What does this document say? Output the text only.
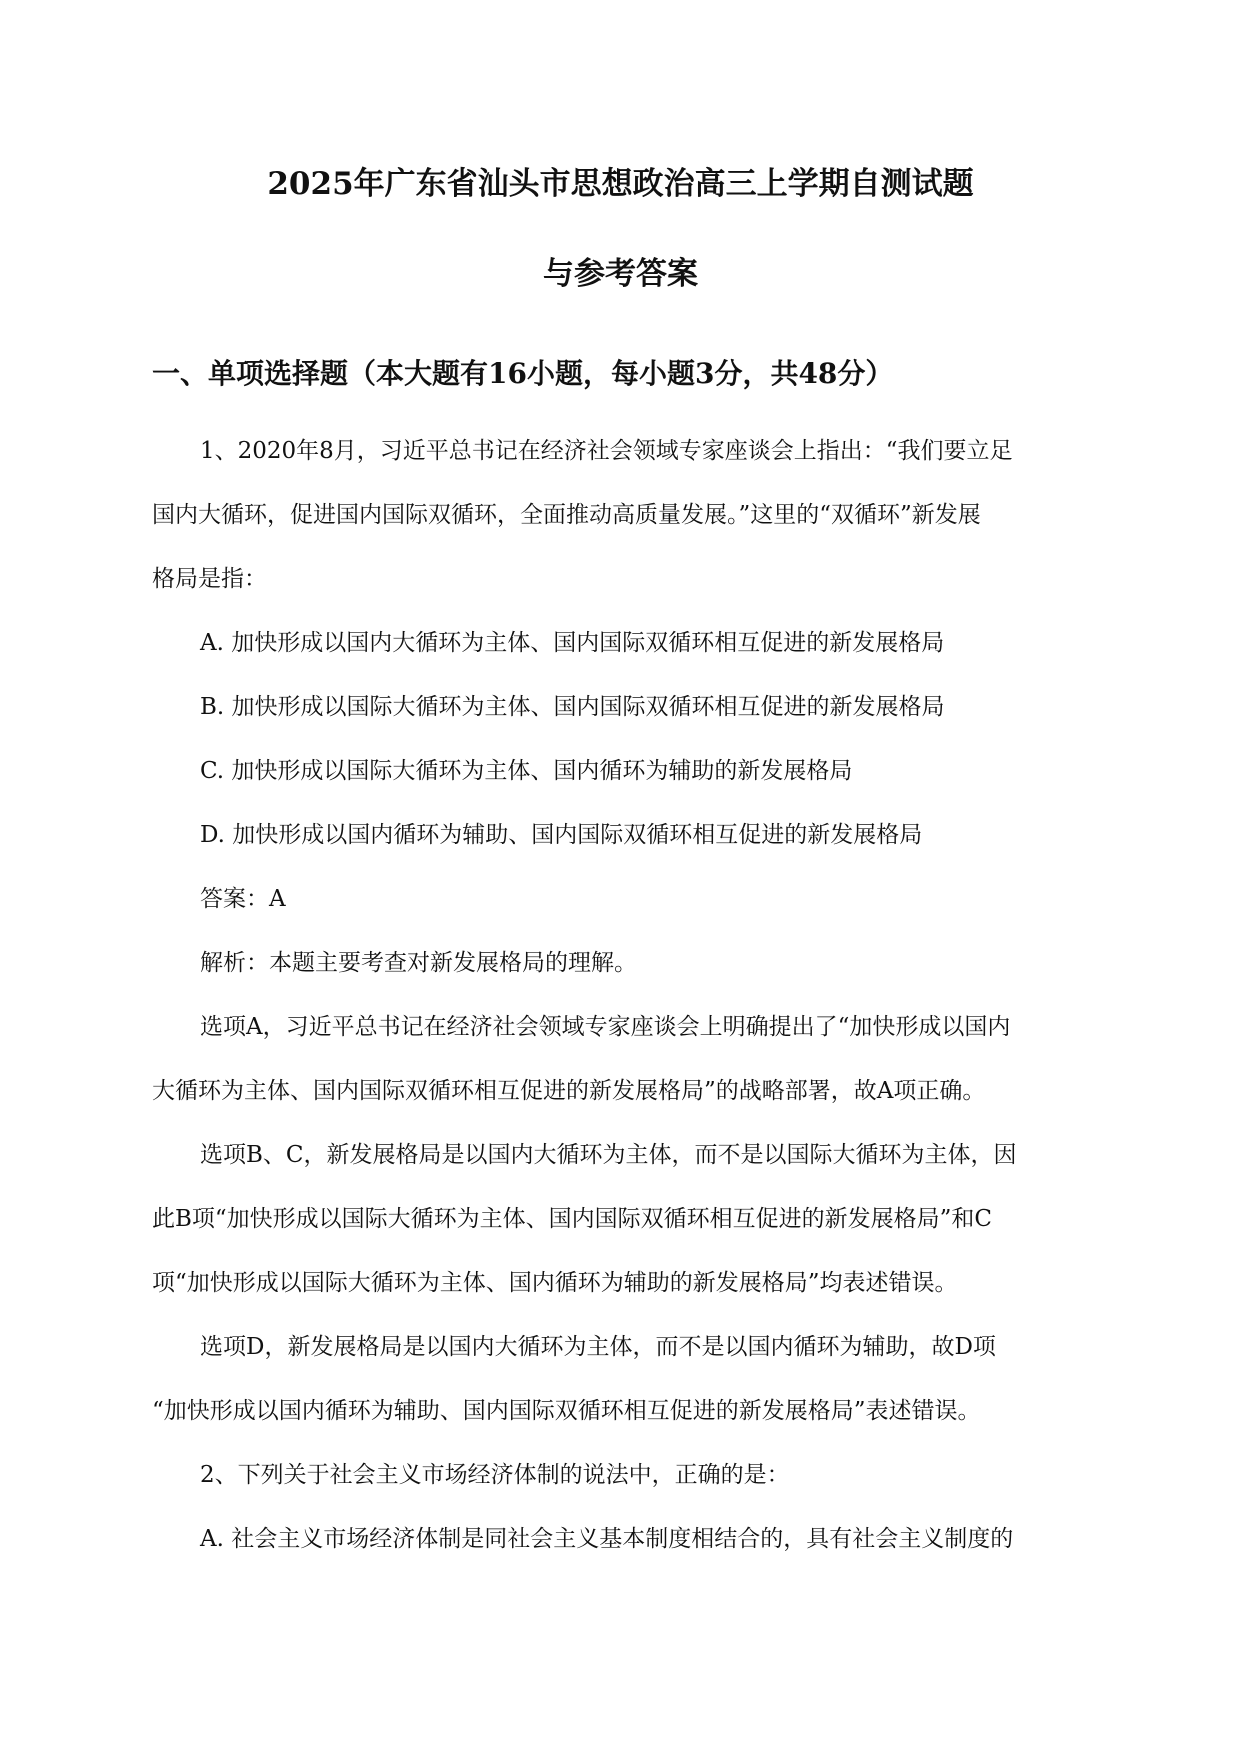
2025年广东省汕头市思想政治高三上学期自测试题
与参考答案
一、单项选择题（本大题有16小题，每小题3分，共48分）
1、2020年8月，习近平总书记在经济社会领域专家座谈会上指出：“我们要立足
国内大循环，促进国内国际双循环，全面推动高质量发展。”这里的“双循环”新发展
格局是指：
A. 加快形成以国内大循环为主体、国内国际双循环相互促进的新发展格局
B. 加快形成以国际大循环为主体、国内国际双循环相互促进的新发展格局
C. 加快形成以国际大循环为主体、国内循环为辅助的新发展格局
D. 加快形成以国内循环为辅助、国内国际双循环相互促进的新发展格局
答案：A
解析：本题主要考查对新发展格局的理解。
选项A，习近平总书记在经济社会领域专家座谈会上明确提出了“加快形成以国内
大循环为主体、国内国际双循环相互促进的新发展格局”的战略部署，故A项正确。
选项B、C，新发展格局是以国内大循环为主体，而不是以国际大循环为主体，因
此B项“加快形成以国际大循环为主体、国内国际双循环相互促进的新发展格局”和C
项“加快形成以国际大循环为主体、国内循环为辅助的新发展格局”均表述错误。
选项D，新发展格局是以国内大循环为主体，而不是以国内循环为辅助，故D项
“加快形成以国内循环为辅助、国内国际双循环相互促进的新发展格局”表述错误。
2、下列关于社会主义市场经济体制的说法中，正确的是：
A. 社会主义市场经济体制是同社会主义基本制度相结合的，具有社会主义制度的
